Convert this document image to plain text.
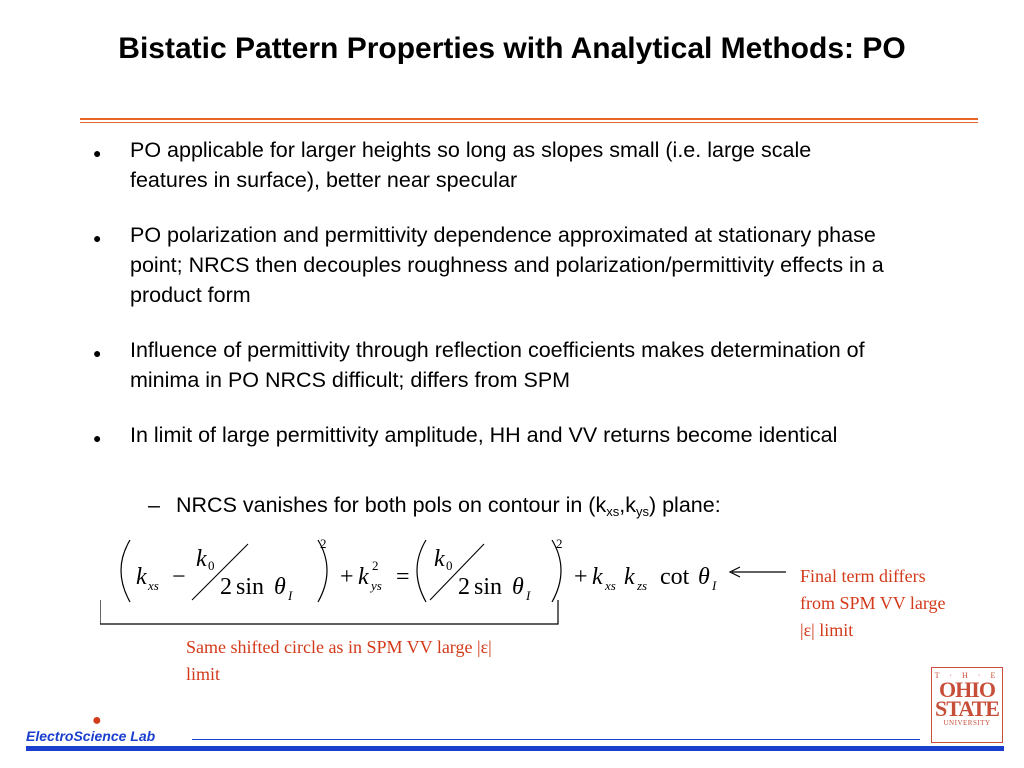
Bistatic Pattern Properties with Analytical Methods: PO
● PO applicable for larger heights so long as slopes small (i.e. large scale features in surface), better near specular
● PO polarization and permittivity dependence approximated at stationary phase point; NRCS then decouples roughness and polarization/permittivity effects in a product form
● Influence of permittivity through reflection coefficients makes determination of minima in PO NRCS difficult; differs from SPM
● In limit of large permittivity amplitude, HH and VV returns become identical
– NRCS vanishes for both pols on contour in $(k_{xs},k_{ys})$ plane:
k xs −
k 0
2 sin θ I
2
+ k 2
ys =
k 0
2 sin θ I
2
+ k xs k zs cot θ I
Same shifted circle as in SPM VV large |ε| limit
Final term differs from SPM VV large |ε| limit
T · H · E
OHIO
STATE
UNIVERSITY
●
ElectroScience Lab
